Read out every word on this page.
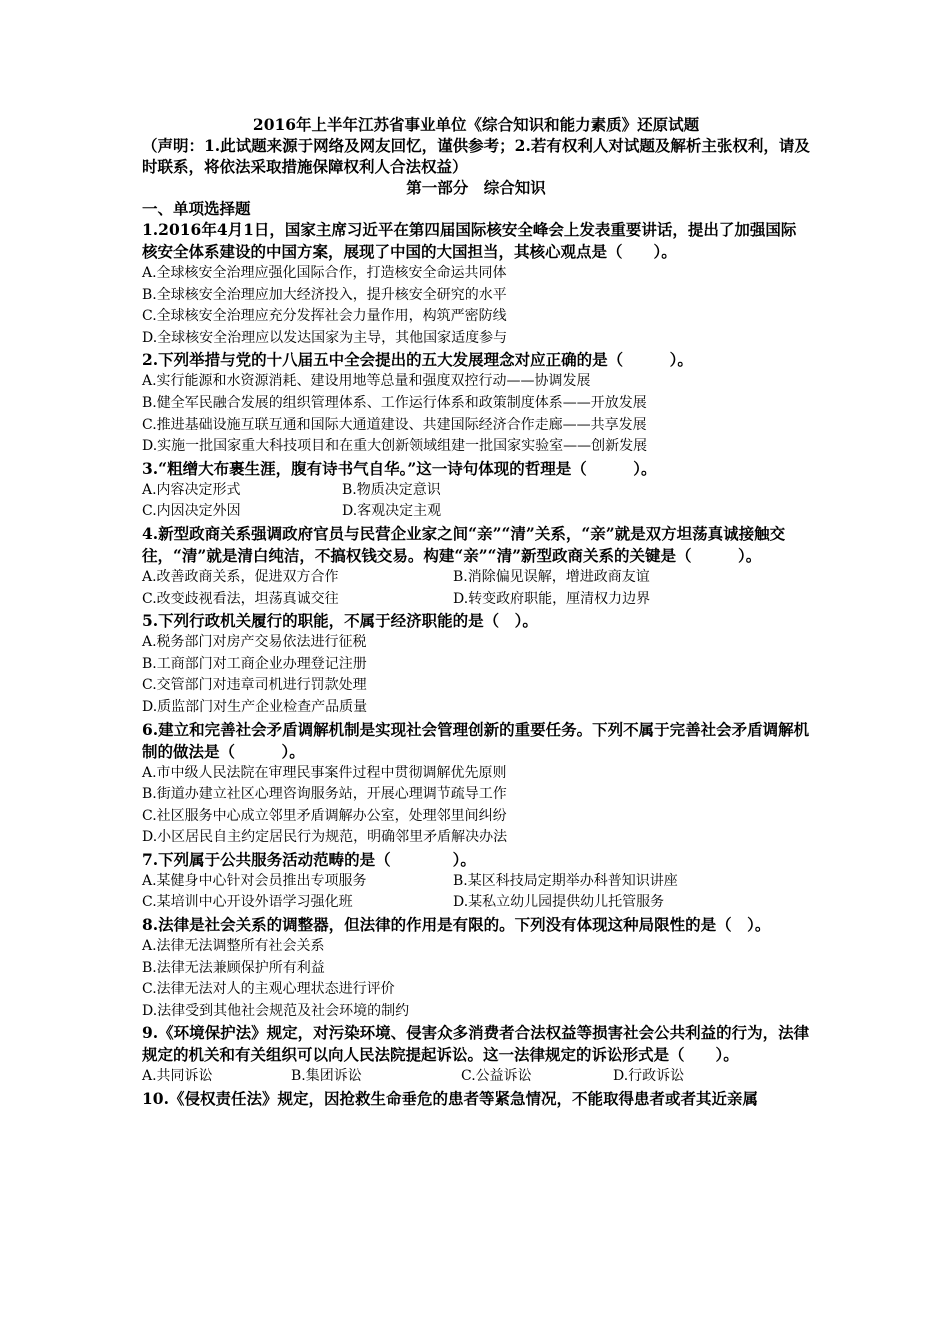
2016年上半年江苏省事业单位《综合知识和能力素质》还原试题

（声明：1.此试题来源于网络及网友回忆，谨供参考；2.若有权利人对试题及解析主张权利，请及时联系，将依法采取措施保障权利人合法权益）

第一部分　综合知识

一、单项选择题

1.2016年4月1日，国家主席习近平在第四届国际核安全峰会上发表重要讲话，提出了加强国际核安全体系建设的中国方案，展现了中国的大国担当，其核心观点是（　　）。

A.全球核安全治理应强化国际合作，打造核安全命运共同体

B.全球核安全治理应加大经济投入，提升核安全研究的水平

C.全球核安全治理应充分发挥社会力量作用，构筑严密防线

D.全球核安全治理应以发达国家为主导，其他国家适度参与

2.下列举措与党的十八届五中全会提出的五大发展理念对应正确的是（　　　）。

A.实行能源和水资源消耗、建设用地等总量和强度双控行动——协调发展

B.健全军民融合发展的组织管理体系、工作运行体系和政策制度体系——开放发展

C.推进基础设施互联互通和国际大通道建设、共建国际经济合作走廊——共享发展

D.实施一批国家重大科技项目和在重大创新领域组建一批国家实验室——创新发展

3.“粗缯大布裹生涯，腹有诗书气自华。”这一诗句体现的哲理是（　　　）。

A.内容决定形式	B.物质决定意识
C.内因决定外因	D.客观决定主观

4.新型政商关系强调政府官员与民营企业家之间“亲”“清”关系，“亲”就是双方坦荡真诚接触交往，“清”就是清白纯洁，不搞权钱交易。构建“亲”“清”新型政商关系的关键是（　　　）。

A.改善政商关系，促进双方合作	B.消除偏见误解，增进政商友谊
C.改变歧视看法，坦荡真诚交往	D.转变政府职能，厘清权力边界

5.下列行政机关履行的职能，不属于经济职能的是（　）。

A.税务部门对房产交易依法进行征税

B.工商部门对工商企业办理登记注册

C.交管部门对违章司机进行罚款处理

D.质监部门对生产企业检查产品质量

6.建立和完善社会矛盾调解机制是实现社会管理创新的重要任务。下列不属于完善社会矛盾调解机制的做法是（　　　）。

A.市中级人民法院在审理民事案件过程中贯彻调解优先原则

B.街道办建立社区心理咨询服务站，开展心理调节疏导工作

C.社区服务中心成立邻里矛盾调解办公室，处理邻里间纠纷

D.小区居民自主约定居民行为规范，明确邻里矛盾解决办法

7.下列属于公共服务活动范畴的是（　　　　）。

A.某健身中心针对会员推出专项服务	B.某区科技局定期举办科普知识讲座
C.某培训中心开设外语学习强化班	D.某私立幼儿园提供幼儿托管服务

8.法律是社会关系的调整器，但法律的作用是有限的。下列没有体现这种局限性的是（　）。

A.法律无法调整所有社会关系

B.法律无法兼顾保护所有利益

C.法律无法对人的主观心理状态进行评价

D.法律受到其他社会规范及社会环境的制约

9.《环境保护法》规定，对污染环境、侵害众多消费者合法权益等损害社会公共利益的行为，法律规定的机关和有关组织可以向人民法院提起诉讼。这一法律规定的诉讼形式是（　　）。

A.共同诉讼	B.集团诉讼	C.公益诉讼	D.行政诉讼

10.《侵权责任法》规定，因抢救生命垂危的患者等紧急情况，不能取得患者或者其近亲属
